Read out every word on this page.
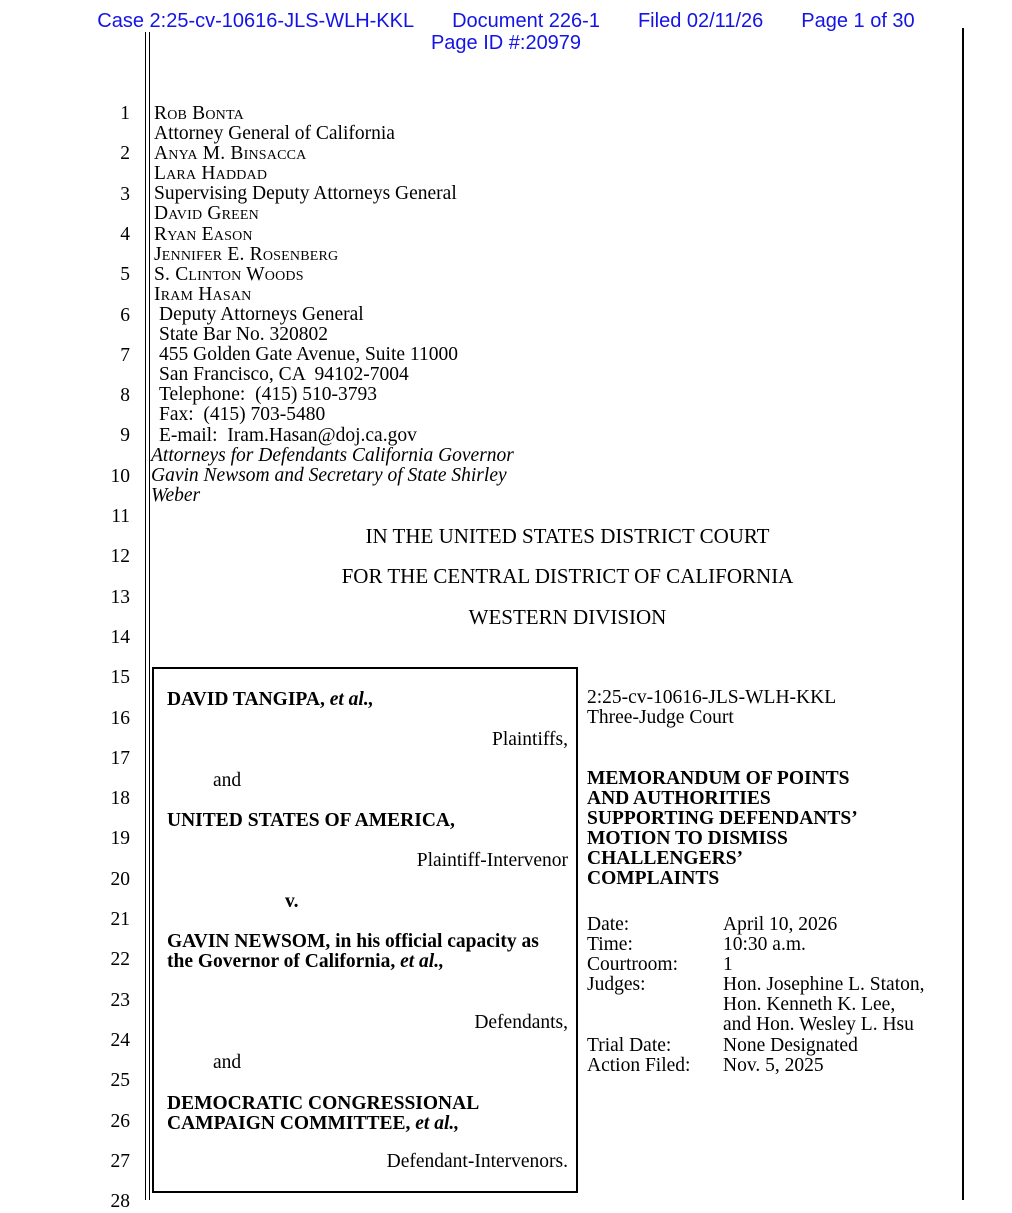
Case 2:25-cv-10616-JLS-WLH-KKL Document 226-1 Filed 02/11/26 Page 1 of 30
Page ID #:20979
1
2
3
4
5
6
7
8
9
10
11
12
13
14
15
16
17
18
19
20
21
22
23
24
25
26
27
28
Rob Bonta
Attorney General of California
Anya M. Binsacca
Lara Haddad
Supervising Deputy Attorneys General
David Green
Ryan Eason
Jennifer E. Rosenberg
S. Clinton Woods
Iram Hasan
Deputy Attorneys General
State Bar No. 320802
455 Golden Gate Avenue, Suite 11000
San Francisco, CA  94102-7004
Telephone:  (415) 510-3793
Fax:  (415) 703-5480
E-mail:  Iram.Hasan@doj.ca.gov
Attorneys for Defendants California Governor
Gavin Newsom and Secretary of State Shirley
Weber
IN THE UNITED STATES DISTRICT COURT
FOR THE CENTRAL DISTRICT OF CALIFORNIA
WESTERN DIVISION
DAVID TANGIPA, et al.,
Plaintiffs,
and
UNITED STATES OF AMERICA,
Plaintiff-Intervenor
v.
GAVIN NEWSOM, in his official capacity as the Governor of California, et al.,
Defendants,
and
DEMOCRATIC CONGRESSIONAL CAMPAIGN COMMITTEE, et al.,
Defendant-Intervenors.
2:25-cv-10616-JLS-WLH-KKL
Three-Judge Court
MEMORANDUM OF POINTS
AND AUTHORITIES
SUPPORTING DEFENDANTS’
MOTION TO DISMISS
CHALLENGERS’
COMPLAINTS
Date:	April 10, 2026
Time:	10:30 a.m.
Courtroom:	1
Judges:	Hon. Josephine L. Staton, Hon. Kenneth K. Lee, and Hon. Wesley L. Hsu
Trial Date:	None Designated
Action Filed:	Nov. 5, 2025
